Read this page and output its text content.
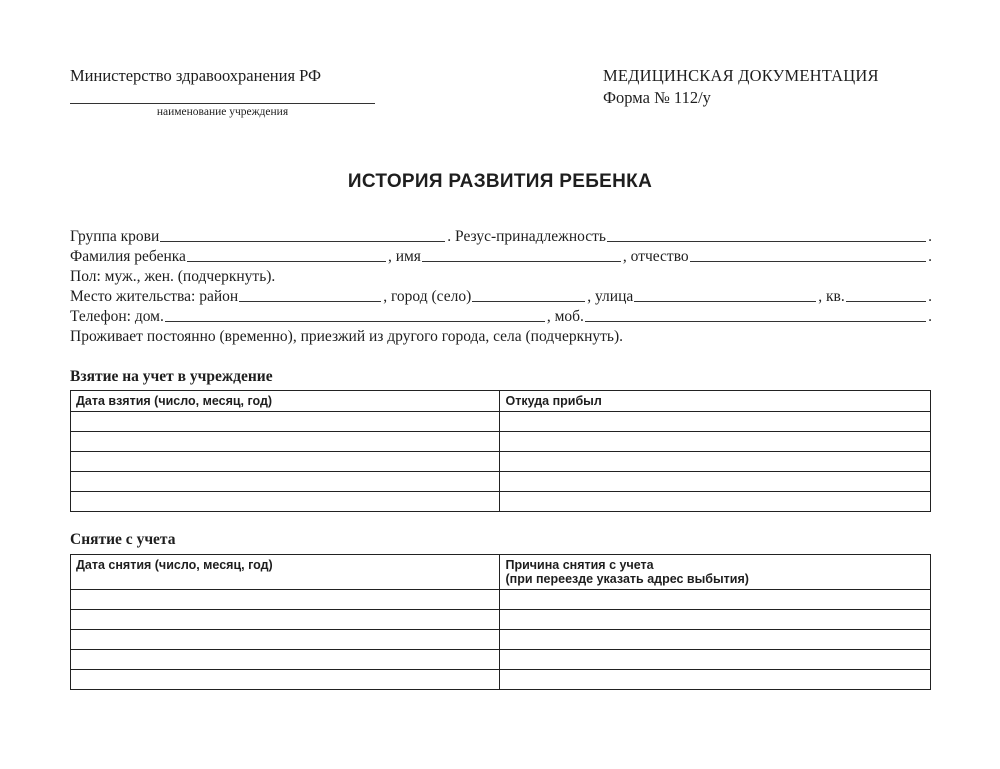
Министерство здравоохранения РФ
наименование учреждения
МЕДИЦИНСКАЯ ДОКУМЕНТАЦИЯ
Форма № 112/у
ИСТОРИЯ РАЗВИТИЯ РЕБЕНКА
Группа крови	. Резус-принадлежность	.
Фамилия ребенка	, имя	, отчество	.
Пол: муж., жен. (подчеркнуть).
Место жительства: район	, город (село)	, улица	, кв.	.
Телефон: дом.	, моб.	.
Проживает постоянно (временно), приезжий из другого города, села (подчеркнуть).
Взятие на учет в учреждение
Дата взятия (число, месяц, год)	Откуда прибыл

Снятие с учета
Дата снятия (число, месяц, год)	Причина снятия с учета
(при переезде указать адрес выбытия)
